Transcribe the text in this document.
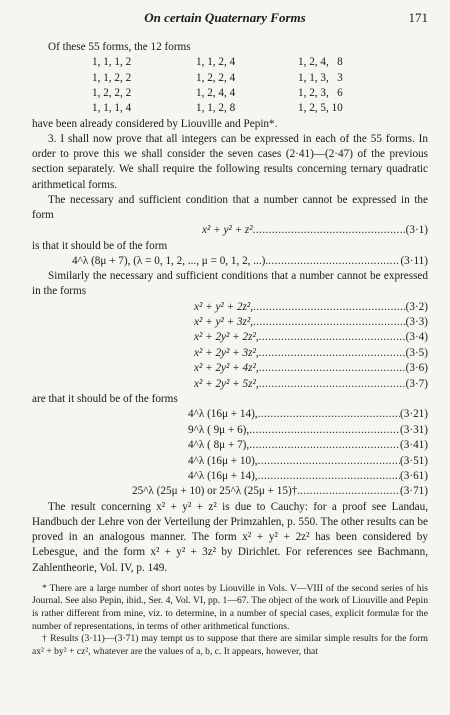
On certain Quaternary Forms	171

Of these 55 forms, the 12 forms

1, 1, 1, 2	1, 1, 2, 4	1, 2, 4,   8
1, 1, 2, 2	1, 2, 2, 4	1, 1, 3,   3
1, 2, 2, 2	1, 2, 4, 4	1, 2, 3,   6
1, 1, 1, 4	1, 1, 2, 8	1, 2, 5, 10

have been already considered by Liouville and Pepin*.

3. I shall now prove that all integers can be expressed in each of the 55 forms. In order to prove this we shall consider the seven cases (2·41)—(2·47) of the previous section separately. We shall require the following results concerning ternary quadratic arithmetical forms.

The necessary and sufficient condition that a number cannot be expressed in the form

x² + y² + z² .....	(3·1)

is that it should be of the form

4^λ (8μ + 7), (λ = 0, 1, 2, ..., μ = 0, 1, 2, ...). .....	(3·11)

Similarly the necessary and sufficient conditions that a number cannot be expressed in the forms

x² + y² + 2z², .....	(3·2)
x² + y² + 3z², .....	(3·3)
x² + 2y² + 2z², .....	(3·4)
x² + 2y² + 3z², .....	(3·5)
x² + 2y² + 4z², .....	(3·6)
x² + 2y² + 5z², .....	(3·7)

are that it should be of the forms

4^λ (16μ + 14), .....	(3·21)
9^λ ( 9μ + 6), .....	(3·31)
4^λ ( 8μ + 7), .....	(3·41)
4^λ (16μ + 10), .....	(3·51)
4^λ (16μ + 14), .....	(3·61)
25^λ (25μ + 10) or 25^λ (25μ + 15)†. .....	(3·71)

The result concerning x² + y² + z² is due to Cauchy: for a proof see Landau, Handbuch der Lehre von der Verteilung der Primzahlen, p. 550. The other results can be proved in an analogous manner. The form x² + y² + 2z² has been considered by Lebesgue, and the form x² + y² + 3z² by Dirichlet. For references see Bachmann, Zahlentheorie, Vol. IV, p. 149.

* There are a large number of short notes by Liouville in Vols. V—VIII of the second series of his Journal. See also Pepin, ibid., Ser. 4, Vol. VI, pp. 1—67. The object of the work of Liouville and Pepin is rather different from mine, viz. to determine, in a number of special cases, explicit formulæ for the number of representations, in terms of other arithmetical functions.

† Results (3·11)—(3·71) may tempt us to suppose that there are similar simple results for the form ax² + by² + cz², whatever are the values of a, b, c. It appears, however, that
